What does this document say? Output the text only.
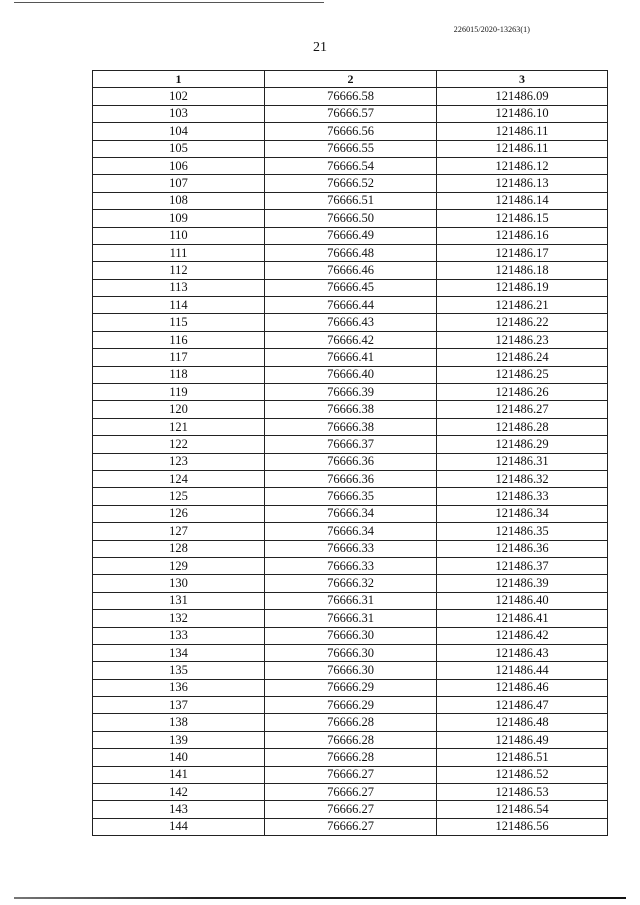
226015/2020-13263(1)
21
1	2	3
102	76666.58	121486.09
103	76666.57	121486.10
104	76666.56	121486.11
105	76666.55	121486.11
106	76666.54	121486.12
107	76666.52	121486.13
108	76666.51	121486.14
109	76666.50	121486.15
110	76666.49	121486.16
111	76666.48	121486.17
112	76666.46	121486.18
113	76666.45	121486.19
114	76666.44	121486.21
115	76666.43	121486.22
116	76666.42	121486.23
117	76666.41	121486.24
118	76666.40	121486.25
119	76666.39	121486.26
120	76666.38	121486.27
121	76666.38	121486.28
122	76666.37	121486.29
123	76666.36	121486.31
124	76666.36	121486.32
125	76666.35	121486.33
126	76666.34	121486.34
127	76666.34	121486.35
128	76666.33	121486.36
129	76666.33	121486.37
130	76666.32	121486.39
131	76666.31	121486.40
132	76666.31	121486.41
133	76666.30	121486.42
134	76666.30	121486.43
135	76666.30	121486.44
136	76666.29	121486.46
137	76666.29	121486.47
138	76666.28	121486.48
139	76666.28	121486.49
140	76666.28	121486.51
141	76666.27	121486.52
142	76666.27	121486.53
143	76666.27	121486.54
144	76666.27	121486.56
